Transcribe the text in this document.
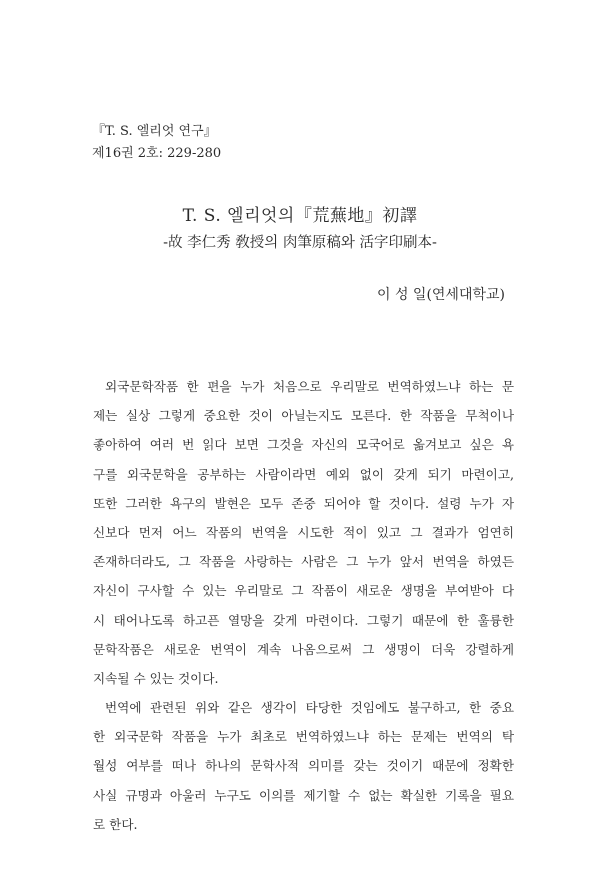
『T. S. 엘리엇 연구』
제16권 2호: 229-280
T. S. 엘리엇의『荒蕪地』初譯
-故 李仁秀 敎授의 肉筆原稿와 活字印刷本-
이 성 일(연세대학교)
외국문학작품 한 편을 누가 처음으로 우리말로 번역하였느냐 하는 문
제는 실상 그렇게 중요한 것이 아닐는지도 모른다. 한 작품을 무척이나
좋아하여 여러 번 읽다 보면 그것을 자신의 모국어로 옮겨보고 싶은 욕
구를 외국문학을 공부하는 사람이라면 예외 없이 갖게 되기 마련이고,
또한 그러한 욕구의 발현은 모두 존중 되어야 할 것이다. 설령 누가 자
신보다 먼저 어느 작품의 번역을 시도한 적이 있고 그 결과가 엄연히
존재하더라도, 그 작품을 사랑하는 사람은 그 누가 앞서 번역을 하였든
자신이 구사할 수 있는 우리말로 그 작품이 새로운 생명을 부여받아 다
시 태어나도록 하고픈 열망을 갖게 마련이다. 그렇기 때문에 한 훌륭한
문학작품은 새로운 번역이 계속 나옴으로써 그 생명이 더욱 강렬하게
지속될 수 있는 것이다.
번역에 관련된 위와 같은 생각이 타당한 것임에도 불구하고, 한 중요
한 외국문학 작품을 누가 최초로 번역하였느냐 하는 문제는 번역의 탁
월성 여부를 떠나 하나의 문학사적 의미를 갖는 것이기 때문에 정확한
사실 규명과 아울러 누구도 이의를 제기할 수 없는 확실한 기록을 필요
로 한다.
